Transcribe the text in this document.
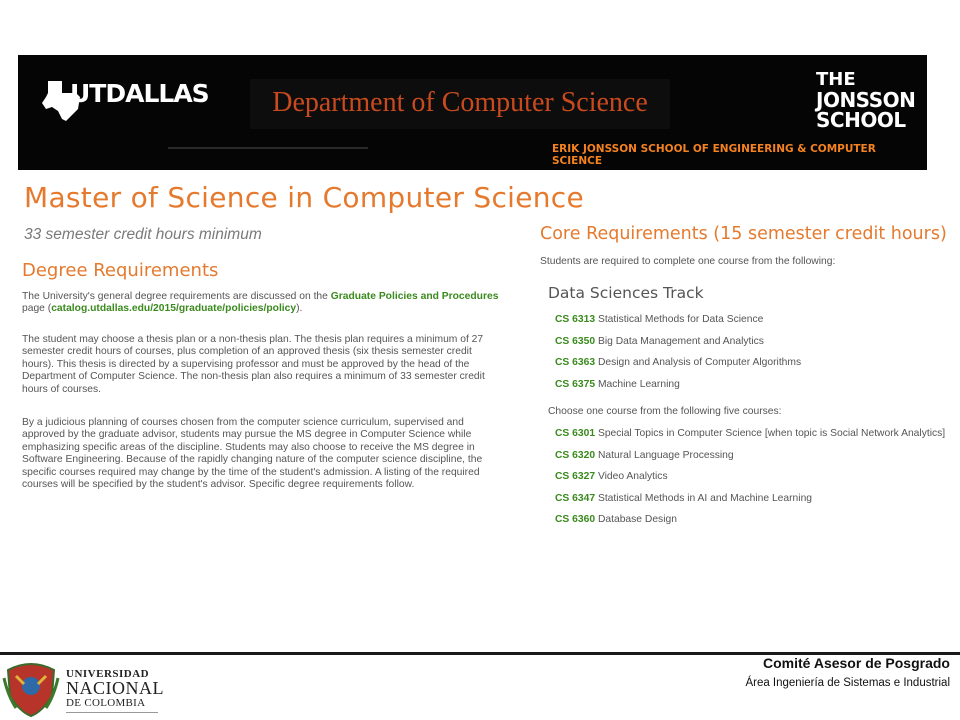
UTDALLAS	Department of Computer Science
THE
JONSSON
SCHOOL
ERIK JONSSON SCHOOL OF ENGINEERING & COMPUTER SCIENCE
Master of Science in Computer Science
33 semester credit hours minimum
Degree Requirements

The University's general degree requirements are discussed on the Graduate Policies and Procedures page (catalog.utdallas.edu/2015/graduate/policies/policy).

The student may choose a thesis plan or a non-thesis plan. The thesis plan requires a minimum of 27 semester credit hours of courses, plus completion of an approved thesis (six thesis semester credit hours). This thesis is directed by a supervising professor and must be approved by the head of the Department of Computer Science. The non-thesis plan also requires a minimum of 33 semester credit hours of courses.

By a judicious planning of courses chosen from the computer science curriculum, supervised and approved by the graduate advisor, students may pursue the MS degree in Computer Science while emphasizing specific areas of the discipline. Students may also choose to receive the MS degree in Software Engineering. Because of the rapidly changing nature of the computer science discipline, the specific courses required may change by the time of the student's admission. A listing of the required courses will be specified by the student's advisor. Specific degree requirements follow.

Core Requirements (15 semester credit hours)
Students are required to complete one course from the following:
Data Sciences Track
CS 6313 Statistical Methods for Data Science
CS 6350 Big Data Management and Analytics
CS 6363 Design and Analysis of Computer Algorithms
CS 6375 Machine Learning
Choose one course from the following five courses:
CS 6301 Special Topics in Computer Science [when topic is Social Network Analytics]
CS 6320 Natural Language Processing
CS 6327 Video Analytics
CS 6347 Statistical Methods in AI and Machine Learning
CS 6360 Database Design
UNIVERSIDAD
NACIONAL
DE COLOMBIA
Comité Asesor de Posgrado
Área Ingeniería de Sistemas e Industrial
